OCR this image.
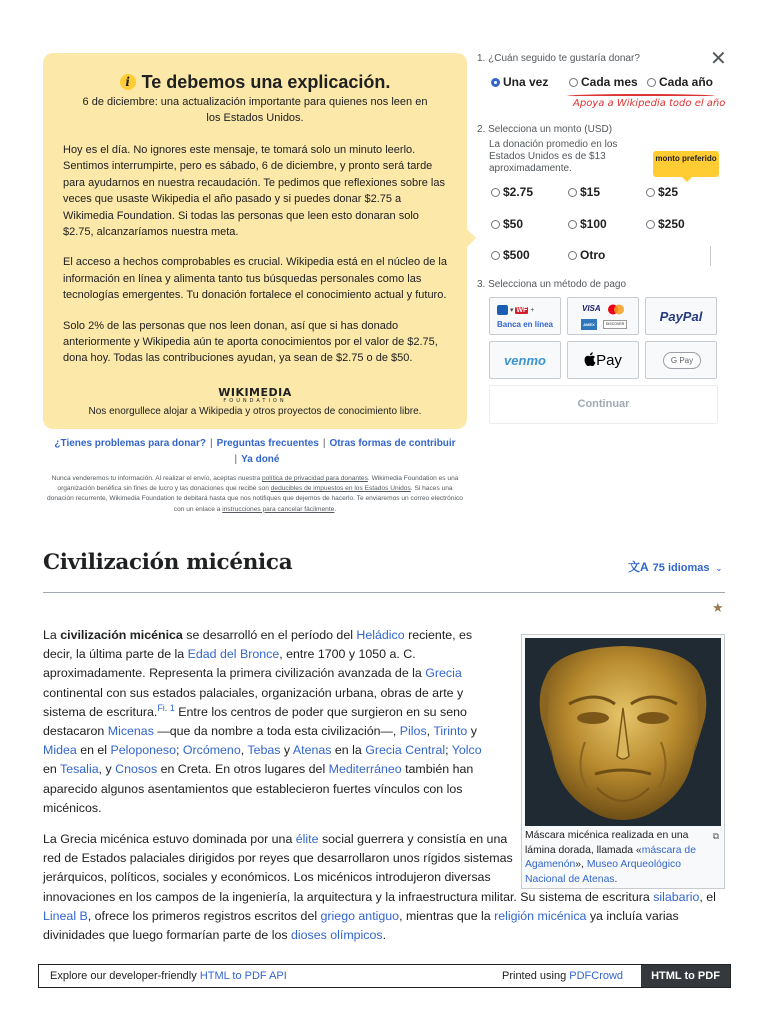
i Te debemos una explicación.
6 de diciembre: una actualización importante para quienes nos leen en los Estados Unidos.

Hoy es el día. No ignores este mensaje, te tomará solo un minuto leerlo. Sentimos interrumpirte, pero es sábado, 6 de diciembre, y pronto será tarde para ayudarnos en nuestra recaudación. Te pedimos que reflexiones sobre las veces que usaste Wikipedia el año pasado y si puedes donar $2.75 a Wikimedia Foundation. Si todas las personas que leen esto donaran solo $2.75, alcanzaríamos nuestra meta.

El acceso a hechos comprobables es crucial. Wikipedia está en el núcleo de la información en línea y alimenta tanto tus búsquedas personales como las tecnologías emergentes. Tu donación fortalece el conocimiento actual y futuro.

Solo 2% de las personas que nos leen donan, así que si has donado anteriormente y Wikipedia aún te aporta conocimientos por el valor de $2.75, dona hoy. Todas las contribuciones ayudan, ya sean de $2.75 o de $50.

WIKIMEDIA
FOUNDATION
Nos enorgullece alojar a Wikipedia y otros proyectos de conocimiento libre.
¿Tienes problemas para donar? | Preguntas frecuentes | Otras formas de contribuir
| Ya doné
Nunca venderemos tu información. Al realizar el envío, aceptas nuestra política de privacidad para donantes. Wikimedia Foundation es una organización benéfica sin fines de lucro y las donaciones que recibe son deducibles de impuestos en los Estados Unidos. Si haces una donación recurrente, Wikimedia Foundation te debitará hasta que nos notifiques que dejemos de hacerlo. Te enviaremos un correo electrónico con un enlace a instrucciones para cancelar fácilmente.
1. ¿Cuán seguido te gustaría donar?	✕
Una vez	Cada mes	Cada año
Apoya a Wikipedia todo el año
2. Selecciona un monto (USD)
La donación promedio en los Estados Unidos es de $13 aproximadamente.
monto preferido
$2.75	$15	$25
$50	$100	$250
$500	Otro
3. Selecciona un método de pago
▾ WF +
Banca en línea
VISA
AMEX	DISCOVER	PayPal
venmo	Pay	G Pay
Continuar
Civilización micénica	文A 75 idiomas ⌄
★

La civilización micénica se desarrolló en el período del Heládico reciente, es decir, la última parte de la Edad del Bronce, entre 1700 y 1050 a. C. aproximadamente. Representa la primera civilización avanzada de la Grecia continental con sus estados palaciales, organización urbana, obras de arte y sistema de escritura.$^{Fi. 1}$ Entre los centros de poder que surgieron en su seno destacaron Micenas —que da nombre a toda esta civilización—, Pilos, Tirinto y Midea en el Peloponeso; Orcómeno, Tebas y Atenas en la Grecia Central; Yolco en Tesalia, y Cnosos en Creta. En otros lugares del Mediterráneo también han aparecido algunos asentamientos que establecieron fuertes vínculos con los micénicos.

La Grecia micénica estuvo dominada por una élite social guerrera y consistía en una red de Estados palaciales dirigidos por reyes que desarrollaron unos rígidos sistemas jerárquicos, políticos, sociales y económicos. Los micénicos introdujeron diversas innovaciones en los campos de la ingeniería, la arquitectura y la infraestructura militar. Su sistema de escritura silabario, el Lineal B, ofrece los primeros registros escritos del griego antiguo, mientras que la religión micénica ya incluía varias divinidades que luego formarían parte de los dioses olímpicos.

⧉
Máscara micénica realizada en una lámina dorada, llamada «máscara de Agamenón», Museo Arqueológico Nacional de Atenas.
Explore our developer-friendly HTML to PDF API	Printed using PDFCrowd	HTML to PDF
